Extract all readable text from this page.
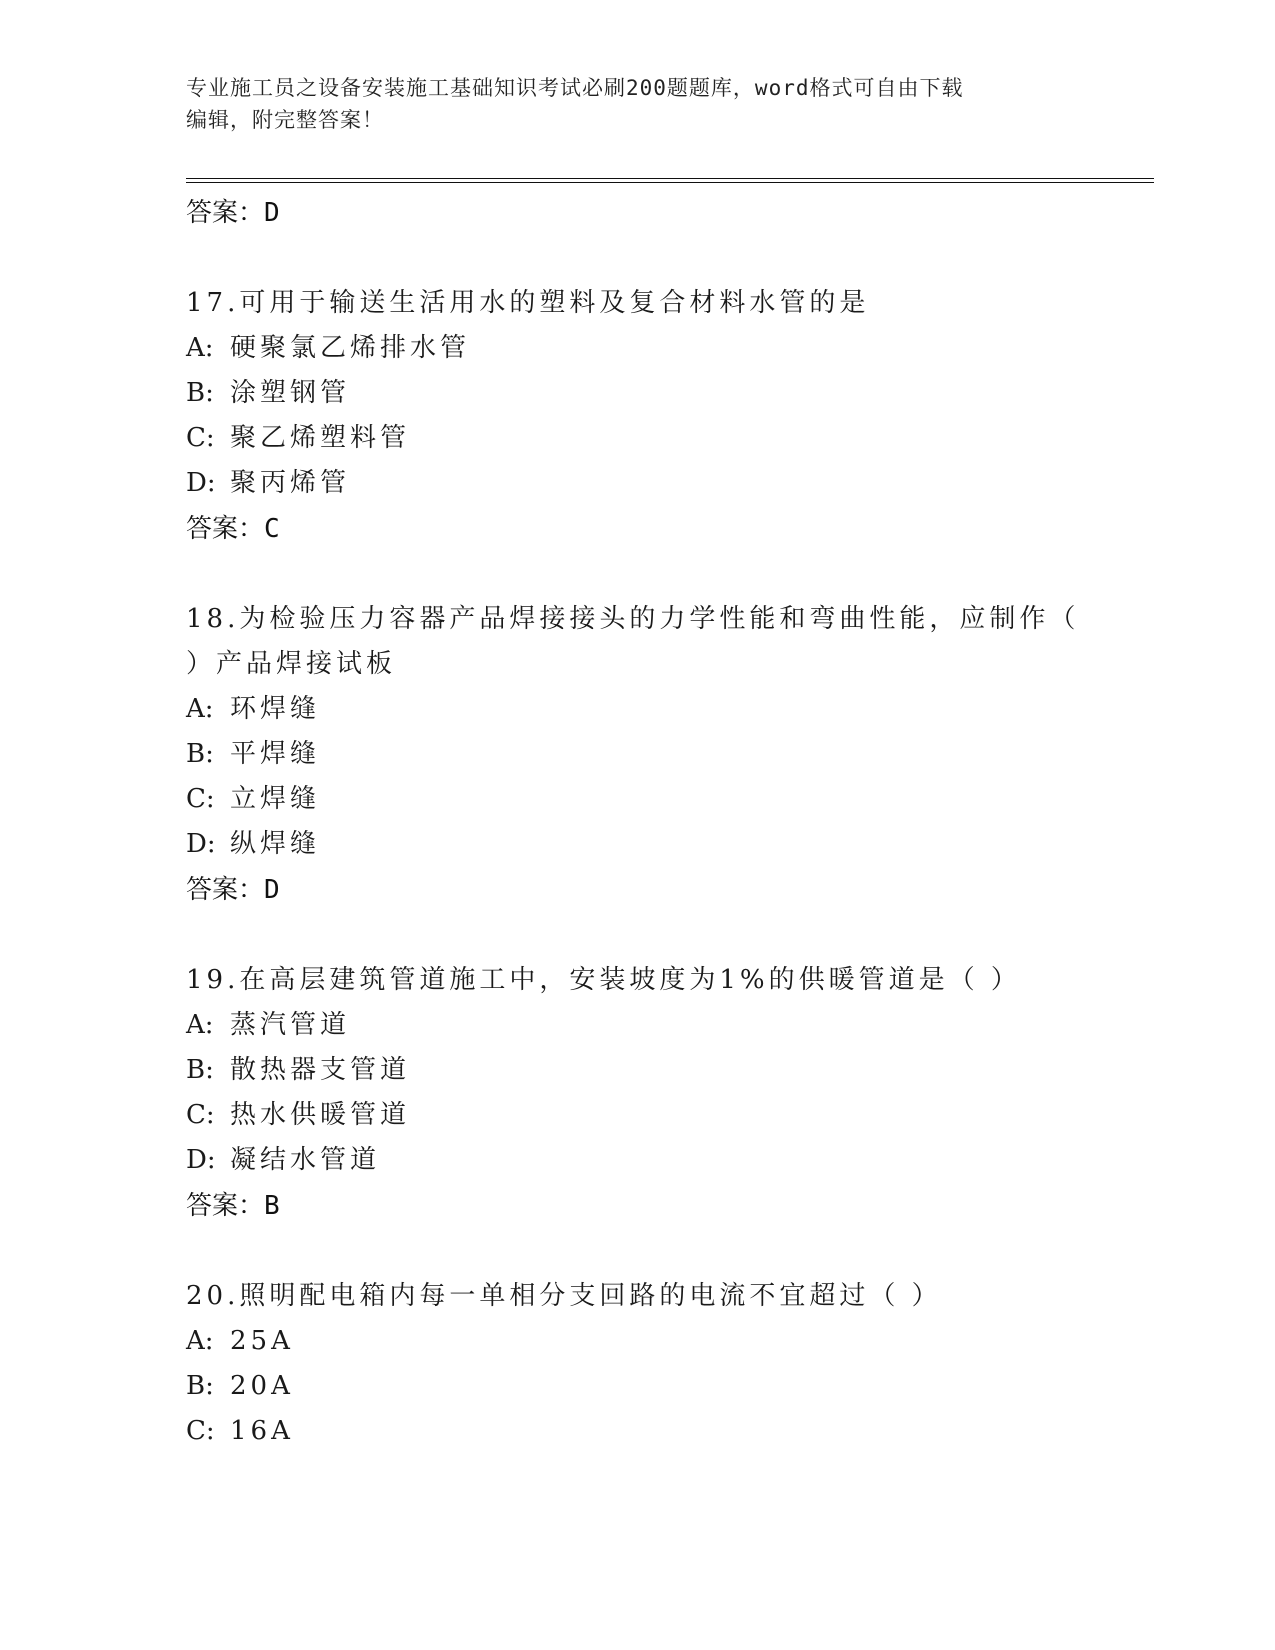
专业施工员之设备安装施工基础知识考试必刷200题题库，word格式可自由下载
编辑，附完整答案！
答案：D
17.可用于输送生活用水的塑料及复合材料水管的是
A: 硬聚氯乙烯排水管
B: 涂塑钢管
C: 聚乙烯塑料管
D: 聚丙烯管
答案：C
18.为检验压力容器产品焊接接头的力学性能和弯曲性能，应制作（
）产品焊接试板
A: 环焊缝
B: 平焊缝
C: 立焊缝
D: 纵焊缝
答案：D
19.在高层建筑管道施工中，安装坡度为1%的供暖管道是（ ）
A: 蒸汽管道
B: 散热器支管道
C: 热水供暖管道
D: 凝结水管道
答案：B
20.照明配电箱内每一单相分支回路的电流不宜超过（ ）
A: 25A
B: 20A
C: 16A
